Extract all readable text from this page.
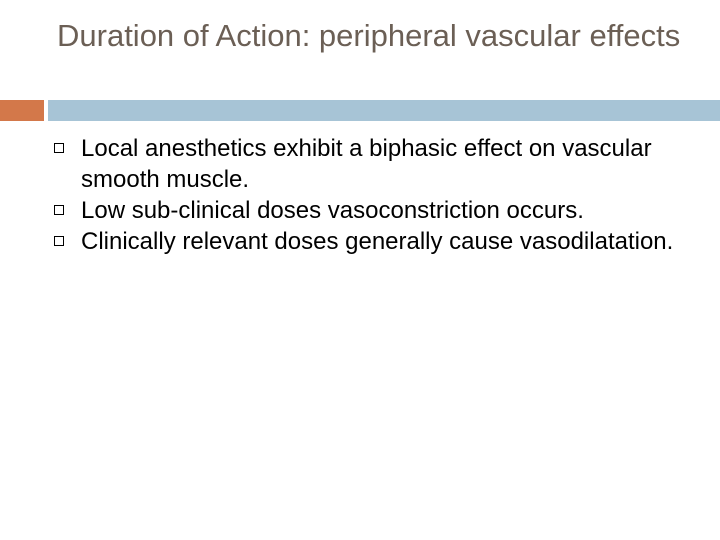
Duration of Action: peripheral vascular effects
Local anesthetics exhibit a biphasic effect on vascular smooth muscle.
Low sub-clinical doses vasoconstriction occurs.
Clinically relevant doses generally cause vasodilatation.
